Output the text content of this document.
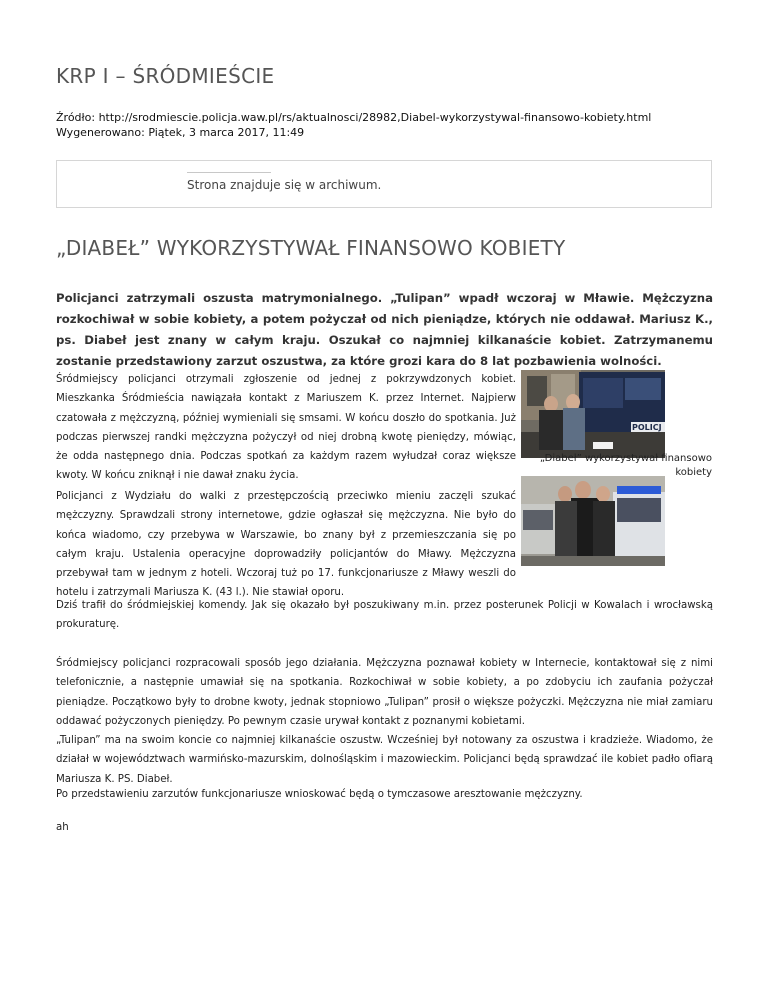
KRP I – ŚRÓDMIEŚCIE
Źródło: http://srodmiescie.policja.waw.pl/rs/aktualnosci/28982,Diabel-wykorzystywal-finansowo-kobiety.html
Wygenerowano: Piątek, 3 marca 2017, 11:49
Strona znajduje się w archiwum.
„DIABEŁ” WYKORZYSTYWAŁ FINANSOWO KOBIETY

Policjanci zatrzymali oszusta matrymonialnego. „Tulipan” wpadł wczoraj w Mławie. Mężczyzna rozkochiwał w sobie kobiety, a potem pożyczał od nich pieniądze, których nie oddawał. Mariusz K., ps. Diabeł jest znany w całym kraju. Oszukał co najmniej kilkanaście kobiet. Zatrzymanemu zostanie przedstawiony zarzut oszustwa, za które grozi kara do 8 lat pozbawienia wolności.

Śródmiejscy policjanci otrzymali zgłoszenie od jednej z pokrzywdzonych kobiet. Mieszkanka Śródmieścia nawiązała kontakt z Mariuszem K. przez Internet. Najpierw czatowała z mężczyzną, później wymieniali się smsami. W końcu doszło do spotkania. Już podczas pierwszej randki mężczyzna pożyczył od niej drobną kwotę pieniędzy, mówiąc, że odda następnego dnia. Podczas spotkań za każdym razem wyłudzał coraz większe kwoty. W końcu zniknął i nie dawał znaku życia.

POLICJ
„Diabeł” wykorzystywał finansowo kobiety

Policjanci z Wydziału do walki z przestępczością przeciwko mieniu zaczęli szukać mężczyzny. Sprawdzali strony internetowe, gdzie ogłaszał się mężczyzna. Nie było do końca wiadomo, czy przebywa w Warszawie, bo znany był z przemieszczania się po całym kraju. Ustalenia operacyjne doprowadziły policjantów do Mławy. Mężczyzna przebywał tam w jednym z hoteli. Wczoraj tuż po 17. funkcjonariusze z Mławy weszli do hotelu i zatrzymali Mariusza K. (43 l.). Nie stawiał oporu.

Dziś trafił do śródmiejskiej komendy. Jak się okazało był poszukiwany m.in. przez posterunek Policji w Kowalach i wrocławską prokuraturę.

Śródmiejscy policjanci rozpracowali sposób jego działania. Mężczyzna poznawał kobiety w Internecie, kontaktował się z nimi telefonicznie, a następnie umawiał się na spotkania. Rozkochiwał w sobie kobiety, a po zdobyciu ich zaufania pożyczał pieniądze. Początkowo były to drobne kwoty, jednak stopniowo „Tulipan” prosił o większe pożyczki. Mężczyzna nie miał zamiaru oddawać pożyczonych pieniędzy. Po pewnym czasie urywał kontakt z poznanymi kobietami.

„Tulipan” ma na swoim koncie co najmniej kilkanaście oszustw. Wcześniej był notowany za oszustwa i kradzieże. Wiadomo, że działał w województwach warmińsko-mazurskim, dolnośląskim i mazowieckim. Policjanci będą sprawdzać ile kobiet padło ofiarą Mariusza K. PS. Diabeł.

Po przedstawieniu zarzutów funkcjonariusze wnioskować będą o tymczasowe aresztowanie mężczyzny.

ah
